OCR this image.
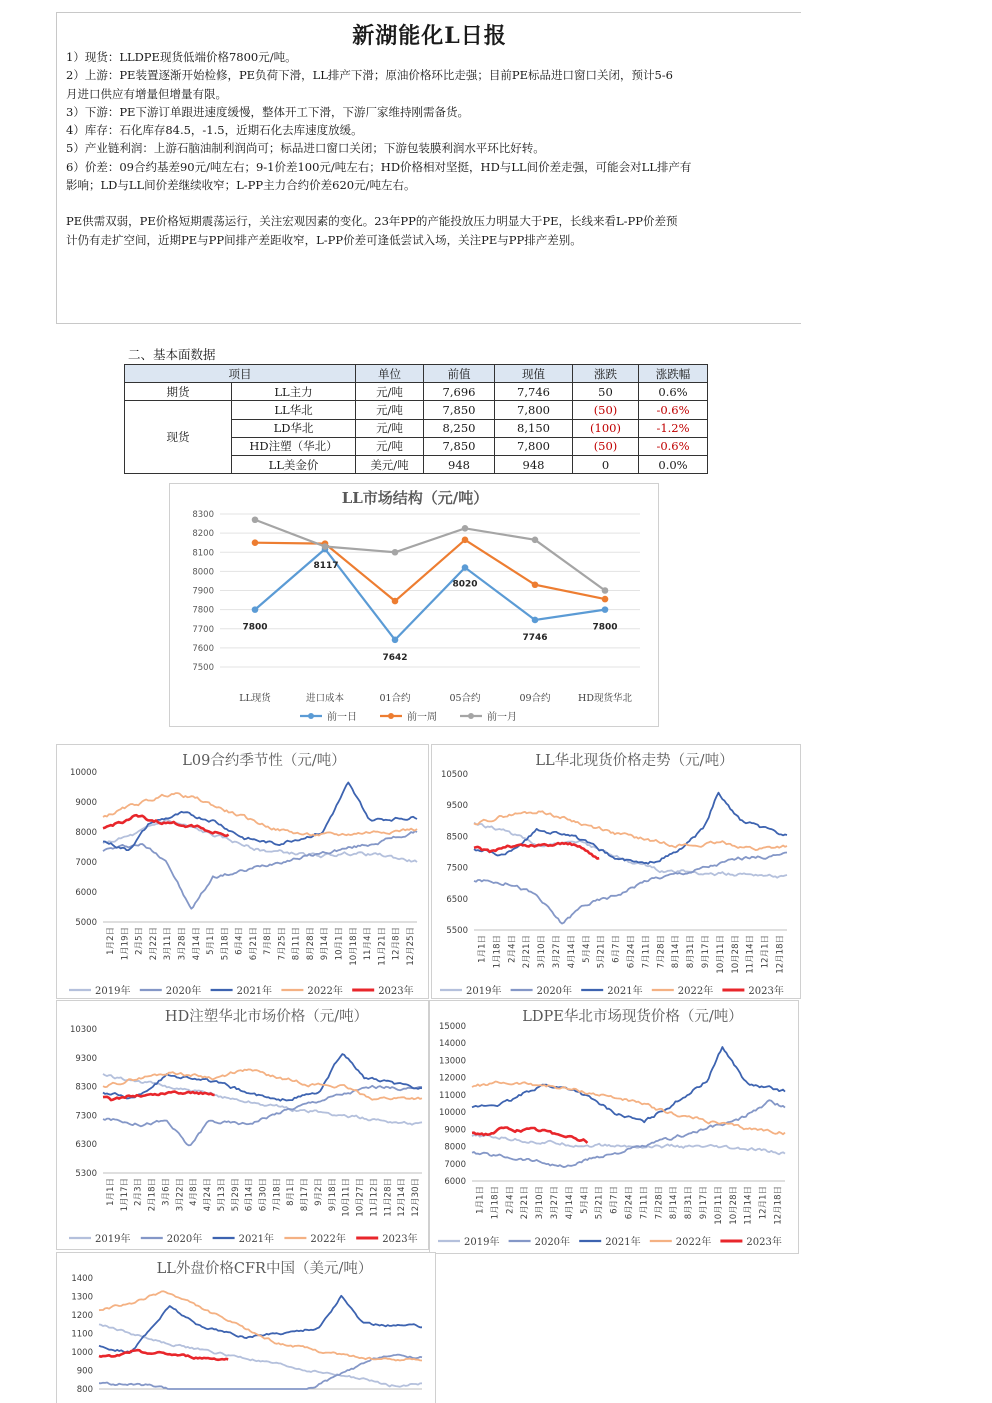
新湖能化L日报
1）现货：LLDPE现货低端价格7800元/吨。
2）上游：PE装置逐渐开始检修，PE负荷下滑，LL排产下滑；原油价格环比走强；目前PE标品进口窗口关闭，预计5-6
月进口供应有增量但增量有限。
3）下游：PE下游订单跟进速度缓慢，整体开工下滑，下游厂家维持刚需备货。
4）库存：石化库存84.5，-1.5，近期石化去库速度放缓。
5）产业链利润：上游石脑油制利润尚可；标品进口窗口关闭；下游包装膜利润水平环比好转。
6）价差：09合约基差90元/吨左右；9-1价差100元/吨左右；HD价格相对坚挺，HD与LL间价差走强，可能会对LL排产有
影响；LD与LL间价差继续收窄；L-PP主力合约价差620元/吨左右。
PE供需双弱，PE价格短期震荡运行，关注宏观因素的变化。23年PP的产能投放压力明显大于PE，长线来看L-PP价差预
计仍有走扩空间，近期PE与PP间排产差距收窄，L-PP价差可逢低尝试入场，关注PE与PP排产差别。
二、基本面数据
项目		单位	前值	现值	涨跌	涨跌幅
期货	LL主力	元/吨	7,696	7,746	50	0.6%
现货	LL华北	元/吨	7,850	7,800	(50)	-0.6%
	LD华北	元/吨	8,250	8,150	(100)	-1.2%
	HD注塑（华北）	元/吨	7,850	7,800	(50)	-0.6%
	LL美金价	美元/吨	948	948	0	0.0%
LL市场结构（元/吨）
8300
8200
8100
8000
7900
7800
7700
7600
7500
LL现货	进口成本	01合约	05合约	09合约	HD现货华北
7800
8117
7642
8020
7746
7800
前一日	前一周	前一月
L09合约季节性（元/吨）
10000
9000
8000
7000
6000
5000
1月2日 1月19日 2月5日 2月22日 3月11日 3月28日 4月14日 5月1日 5月18日 6月4日 6月21日 7月8日 7月25日 8月11日 8月28日 9月14日 10月1日 10月18日 11月4日 11月21日 12月8日 12月25日
2019年	2020年	2021年	2022年	2023年
LL华北现货价格走势（元/吨）
10500
9500
8500
7500
6500
5500
1月1日 1月18日 2月4日 2月21日 3月10日 3月27日 4月14日 5月4日 5月21日 6月7日 6月24日 7月11日 7月28日 8月14日 8月31日 9月17日 10月11日 10月28日 11月14日 12月1日 12月18日
2019年	2020年	2021年	2022年	2023年
HD注塑华北市场价格（元/吨）
10300
9300
8300
7300
6300
5300
1月1日 1月17日 2月3日 2月18日 3月6日 3月22日 4月8日 4月24日 5月13日 5月29日 6月14日 6月30日 7月18日 8月1日 8月17日 9月2日 9月18日 10月11日 10月27日 11月12日 11月28日 12月14日 12月30日
2019年	2020年	2021年	2022年	2023年
LDPE华北市场现货价格（元/吨）
15000
14000
13000
12000
11000
10000
9000
8000
7000
6000
1月1日 1月18日 2月4日 2月21日 3月10日 3月27日 4月14日 5月4日 5月21日 6月7日 6月24日 7月11日 7月28日 8月14日 8月31日 9月17日 10月11日 10月28日 11月14日 12月1日 12月18日
2019年	2020年	2021年	2022年	2023年
LL外盘价格CFR中国（美元/吨）
1400
1300
1200
1100
1000
900
800
